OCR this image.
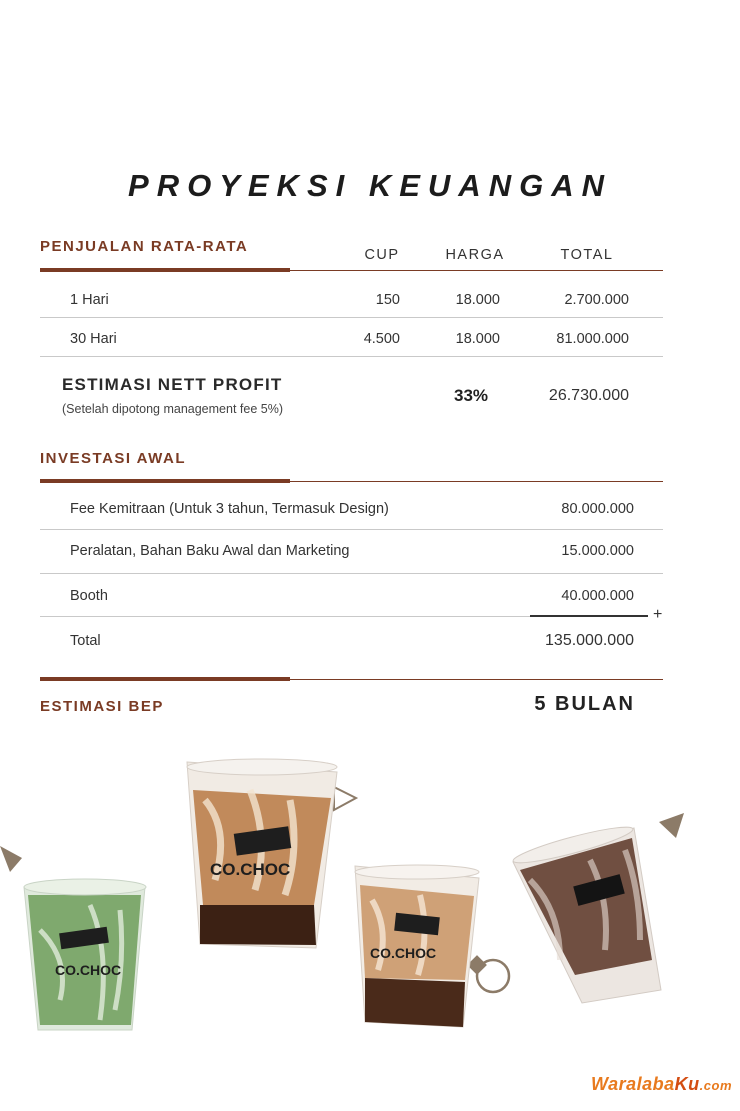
PROYEKSI KEUANGAN
PENJUALAN RATA-RATA	CUP	HARGA	TOTAL
1 Hari	150	18.000	2.700.000
30 Hari	4.500	18.000	81.000.000
ESTIMASI NETT PROFIT
(Setelah dipotong management fee 5%)
33%	26.730.000
INVESTASI AWAL
Fee Kemitraan (Untuk 3 tahun, Termasuk Design)	80.000.000
Peralatan, Bahan Baku Awal dan Marketing	15.000.000
Booth	40.000.000
+
Total	135.000.000
ESTIMASI BEP	5 BULAN
CO.CHOC
CO.CHOC
CO.CHOC
WaralabaKu.com
